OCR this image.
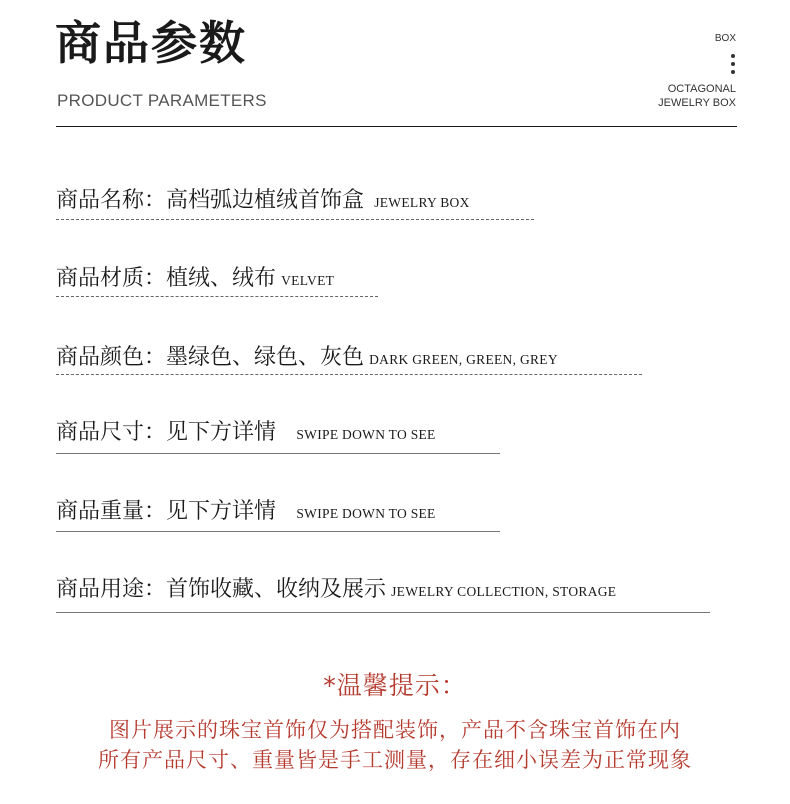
商品参数
PRODUCT PARAMETERS
BOX
OCTAGONAL
JEWELRY BOX
商品名称：高档弧边植绒首饰盒 JEWELRY BOX
商品材质：植绒、绒布 VELVET
商品颜色：墨绿色、绿色、灰色 DARK GREEN, GREEN, GREY
商品尺寸：见下方详情 SWIPE DOWN TO SEE
商品重量：见下方详情 SWIPE DOWN TO SEE
商品用途：首饰收藏、收纳及展示 JEWELRY COLLECTION, STORAGE
*温馨提示：
图片展示的珠宝首饰仅为搭配装饰，产品不含珠宝首饰在内
所有产品尺寸、重量皆是手工测量，存在细小误差为正常现象
